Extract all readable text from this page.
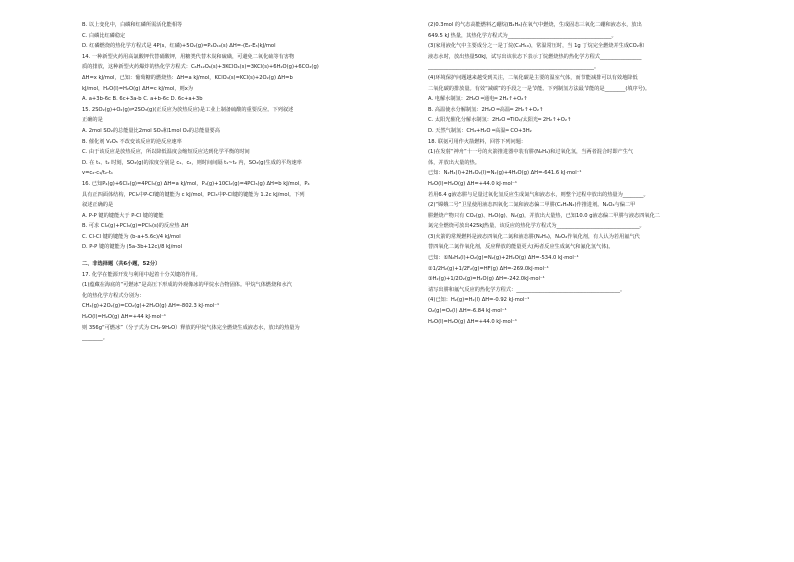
B. 以上变化中，白磷和红磷所需活化能相等
C. 白磷比红磷稳定
D. 红磷燃烧的热化学方程式是 4P(s，红磷)+5O₂(g)=P₄O₁₀(s) ΔH=-(E₂-E₃)kJ/mol
14. 一种新型火药用高氯酸钾代替硝酸钾，用糖类代替木炭和硫磺，可避免二氧化硫等有害物
质的排放，这种新型火药爆炸的热化学方程式：C₆H₁₂O₆(s)+3KClO₄(s)=3KCl(s)+6H₂O(g)+6CO₂(g)
ΔH=x kJ/mol，已知：葡萄糖的燃烧热：ΔH=a kJ/mol，KClO₄(s)=KCl(s)+2O₂(g) ΔH=b
kJ/mol，H₂O(l)=H₂O(g) ΔH=c kJ/mol，则x为
A. a+3b-6c B. 6c+3a-b C. a+b-6c D. 6c+a+3b
15. 2SO₂(g)+O₂(g)⇌2SO₃(g)(正反应为放热反应)是工业上制备硫酸的重要反应。下列叙述
正确的是
A. 2mol SO₂的总能量比2mol SO₃和1mol O₂的总能量要高
B. 催化剂 V₂O₅ 不改变该反应的逆反应速率
C. 由于该反应是放热反应，所以降低温度会缩短反应达到化学平衡的时间
D. 在 t₁、t₂ 时刻，SO₃(g)的浓度分别是 c₁、c₂，则时间间隔 t₁~t₂ 内，SO₃(g)生成的平均速率
v=c₂-c₁/t₂-t₁
16. 已知P₄(g)+6Cl₂(g)=4PCl₃(g) ΔH=a kJ/mol，P₄(g)+10Cl₂(g)=4PCl₅(g) ΔH=b kJ/mol，P₄
具有正四面体结构，PCl₅中P-Cl键的键能为 c kJ/mol，PCl₃中P-Cl键的键能为 1.2c kJ/mol。下列
叙述正确的是
A. P-P 键的键能大于 P-Cl 键的键能
B. 可求 Cl₂(g)+PCl₃(g)=PCl₅(s)的反应热 ΔH
C. Cl-Cl 键的键能为 (b-a+5.6c)/4 kJ/mol
D. P-P 键的键能为 (5a-3b+12c)/8 kJ/mol
二、非选择题（共6小题，52分）
17. 化学在能源开发与利用中起着十分关键的作用。
(1)蕴藏在海底的“可燃冰”是高压下形成的外观像冰的甲烷水合物固体。甲烷气体燃烧和水汽
化的热化学方程式分别为：
CH₄(g)+2O₂(g)=CO₂(g)+2H₂O(g) ΔH=-802.3 kJ·mol⁻¹
H₂O(l)=H₂O(g) ΔH=+44 kJ·mol⁻¹
则 356g“可燃冰”（分子式为 CH₄·9H₂O）释放的甲烷气体完全燃烧生成液态水，放出的热量为
________。
(2)0.3mol 的气态高能燃料乙硼烷(B₂H₆)在氧气中燃烧，生成固态三氧化二硼和液态水，放出
649.5 kJ 热量，其热化学方程式为________________________________________。
(3)家用液化气中主要成分之一是丁烷(C₄H₁₀)，常温常压时，当 1g 丁烷完全燃烧并生成CO₂和
液态水时，放出热量50kJ，试写出该状态下表示丁烷燃烧热的热化学方程式________________
________________________________________________________________。
(4)环境保护问题越来越受到关注，二氧化碳是主要的温室气体，而节能减排可以有效地降低
二氧化碳的排放量。有效“减碳”的手段之一是节能。下列制氢方法最节能的是________(填序号)。
A. 电解水制氢：2H₂O ═通电═ 2H₂↑+O₂↑
B. 高温使水分解制氢：2H₂O ═高温═ 2H₂↑+O₂↑
C. 太阳光催化分解水制氢：2H₂O ═TiO₂/太阳光═ 2H₂↑+O₂↑
D. 天然气制氢：CH₄+H₂O ═高温═ CO+3H₂
18. 联氨可用作火箭燃料，回答下列问题：
(1)在发射“神舟”十一号的火箭推进器中装有肼(N₂H₄)和过氧化氢，当两者混合时即产生气
体，并放出大量的热。
已知：N₂H₄(l)+2H₂O₂(l)=N₂(g)+4H₂O(g) ΔH=-641.6 kJ·mol⁻¹
H₂O(l)=H₂O(g) ΔH=+44.0 kJ·mol⁻¹
若用6.4 g液态肼与足量过氧化氢反应生成氮气和液态水，则整个过程中放出的热量为________。
(2)“嫦娥二号”卫星使用液态四氧化二氮和液态偏二甲肼(C₂H₈N₂)作推进剂。N₂O₄与偏二甲
肼燃烧产物只有 CO₂(g)、H₂O(g)、N₂(g)，并放出大量热，已知10.0 g液态偏二甲肼与液态四氧化二
氮完全燃烧可放出425kJ热量，该反应的热化学方程式为________________________________。
(3)火箭的常规燃料是液态四氧化二氮和液态肼(N₂H₄)，N₂O₄作氧化剂，有人认为若用氟气代
替四氧化二氮作氧化剂，反应释放的能量更大(两者反应生成氮气和氟化氢气体)。
已知：①N₂H₄(l)+O₂(g)=N₂(g)+2H₂O(g) ΔH=-534.0 kJ·mol⁻¹
②1/2H₂(g)+1/2F₂(g)=HF(g) ΔH=-269.0kJ·mol⁻¹
③H₂(g)+1/2O₂(g)=H₂O(g) ΔH=-242.0kJ·mol⁻¹
请写出肼和氟气反应的热化学方程式：________________________________________。
(4)已知：H₂(g)=H₂(l) ΔH=-0.92 kJ·mol⁻¹
O₂(g)=O₂(l) ΔH=-6.84 kJ·mol⁻¹
H₂O(l)=H₂O(g) ΔH=+44.0 kJ·mol⁻¹
